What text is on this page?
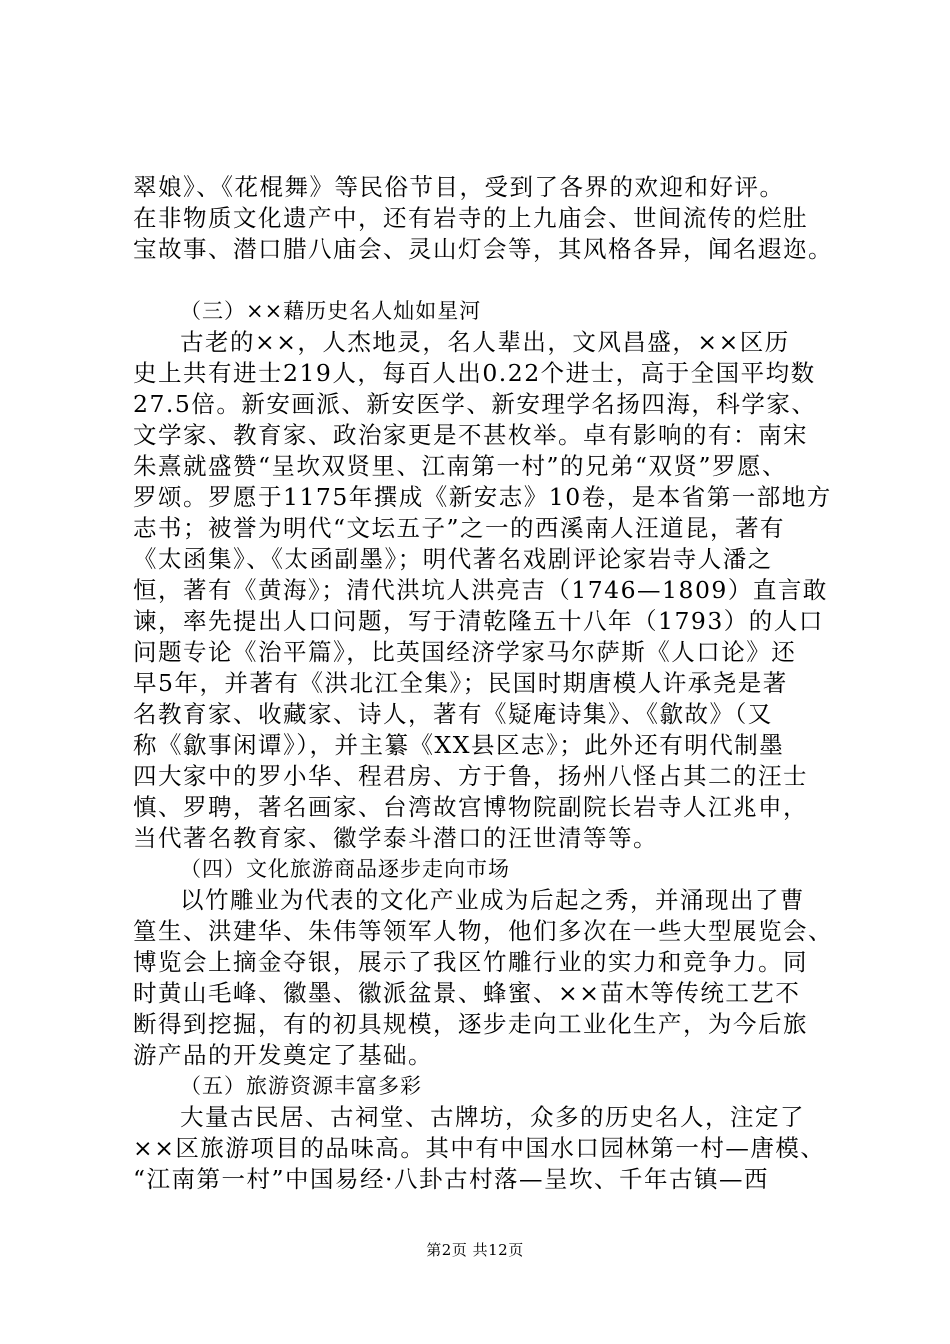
翠娘》、《花棍舞》等民俗节目，受到了各界的欢迎和好评。
在非物质文化遗产中，还有岩寺的上九庙会、世间流传的烂肚
宝故事、潜口腊八庙会、灵山灯会等，其风格各异，闻名遐迩。
（三）××藉历史名人灿如星河
古老的××，人杰地灵，名人辈出，文风昌盛，××区历
史上共有进士219人，每百人出0.22个进士，高于全国平均数
27.5倍。新安画派、新安医学、新安理学名扬四海，科学家、
文学家、教育家、政治家更是不甚枚举。卓有影响的有：南宋
朱熹就盛赞“呈坎双贤里、江南第一村”的兄弟“双贤”罗愿、
罗颂。罗愿于1175年撰成《新安志》10卷，是本省第一部地方
志书；被誉为明代“文坛五子”之一的西溪南人汪道昆，著有
《太函集》、《太函副墨》；明代著名戏剧评论家岩寺人潘之
恒，著有《黄海》；清代洪坑人洪亮吉（1746—1809）直言敢
谏，率先提出人口问题，写于清乾隆五十八年（1793）的人口
问题专论《治平篇》，比英国经济学家马尔萨斯《人口论》还
早5年，并著有《洪北江全集》；民国时期唐模人许承尧是著
名教育家、收藏家、诗人，著有《疑庵诗集》、《歙故》（又
称《歙事闲谭》），并主纂《XX县区志》；此外还有明代制墨
四大家中的罗小华、程君房、方于鲁，扬州八怪占其二的汪士
慎、罗聘，著名画家、台湾故宫博物院副院长岩寺人江兆申，
当代著名教育家、徽学泰斗潜口的汪世清等等。
（四）文化旅游商品逐步走向市场
以竹雕业为代表的文化产业成为后起之秀，并涌现出了曹
篁生、洪建华、朱伟等领军人物，他们多次在一些大型展览会、
博览会上摘金夺银，展示了我区竹雕行业的实力和竞争力。同
时黄山毛峰、徽墨、徽派盆景、蜂蜜、××苗木等传统工艺不
断得到挖掘，有的初具规模，逐步走向工业化生产，为今后旅
游产品的开发奠定了基础。
（五）旅游资源丰富多彩
大量古民居、古祠堂、古牌坊，众多的历史名人，注定了
××区旅游项目的品味高。其中有中国水口园林第一村—唐模、
“江南第一村”中国易经·八卦古村落—呈坎、千年古镇—西
第2页 共12页
